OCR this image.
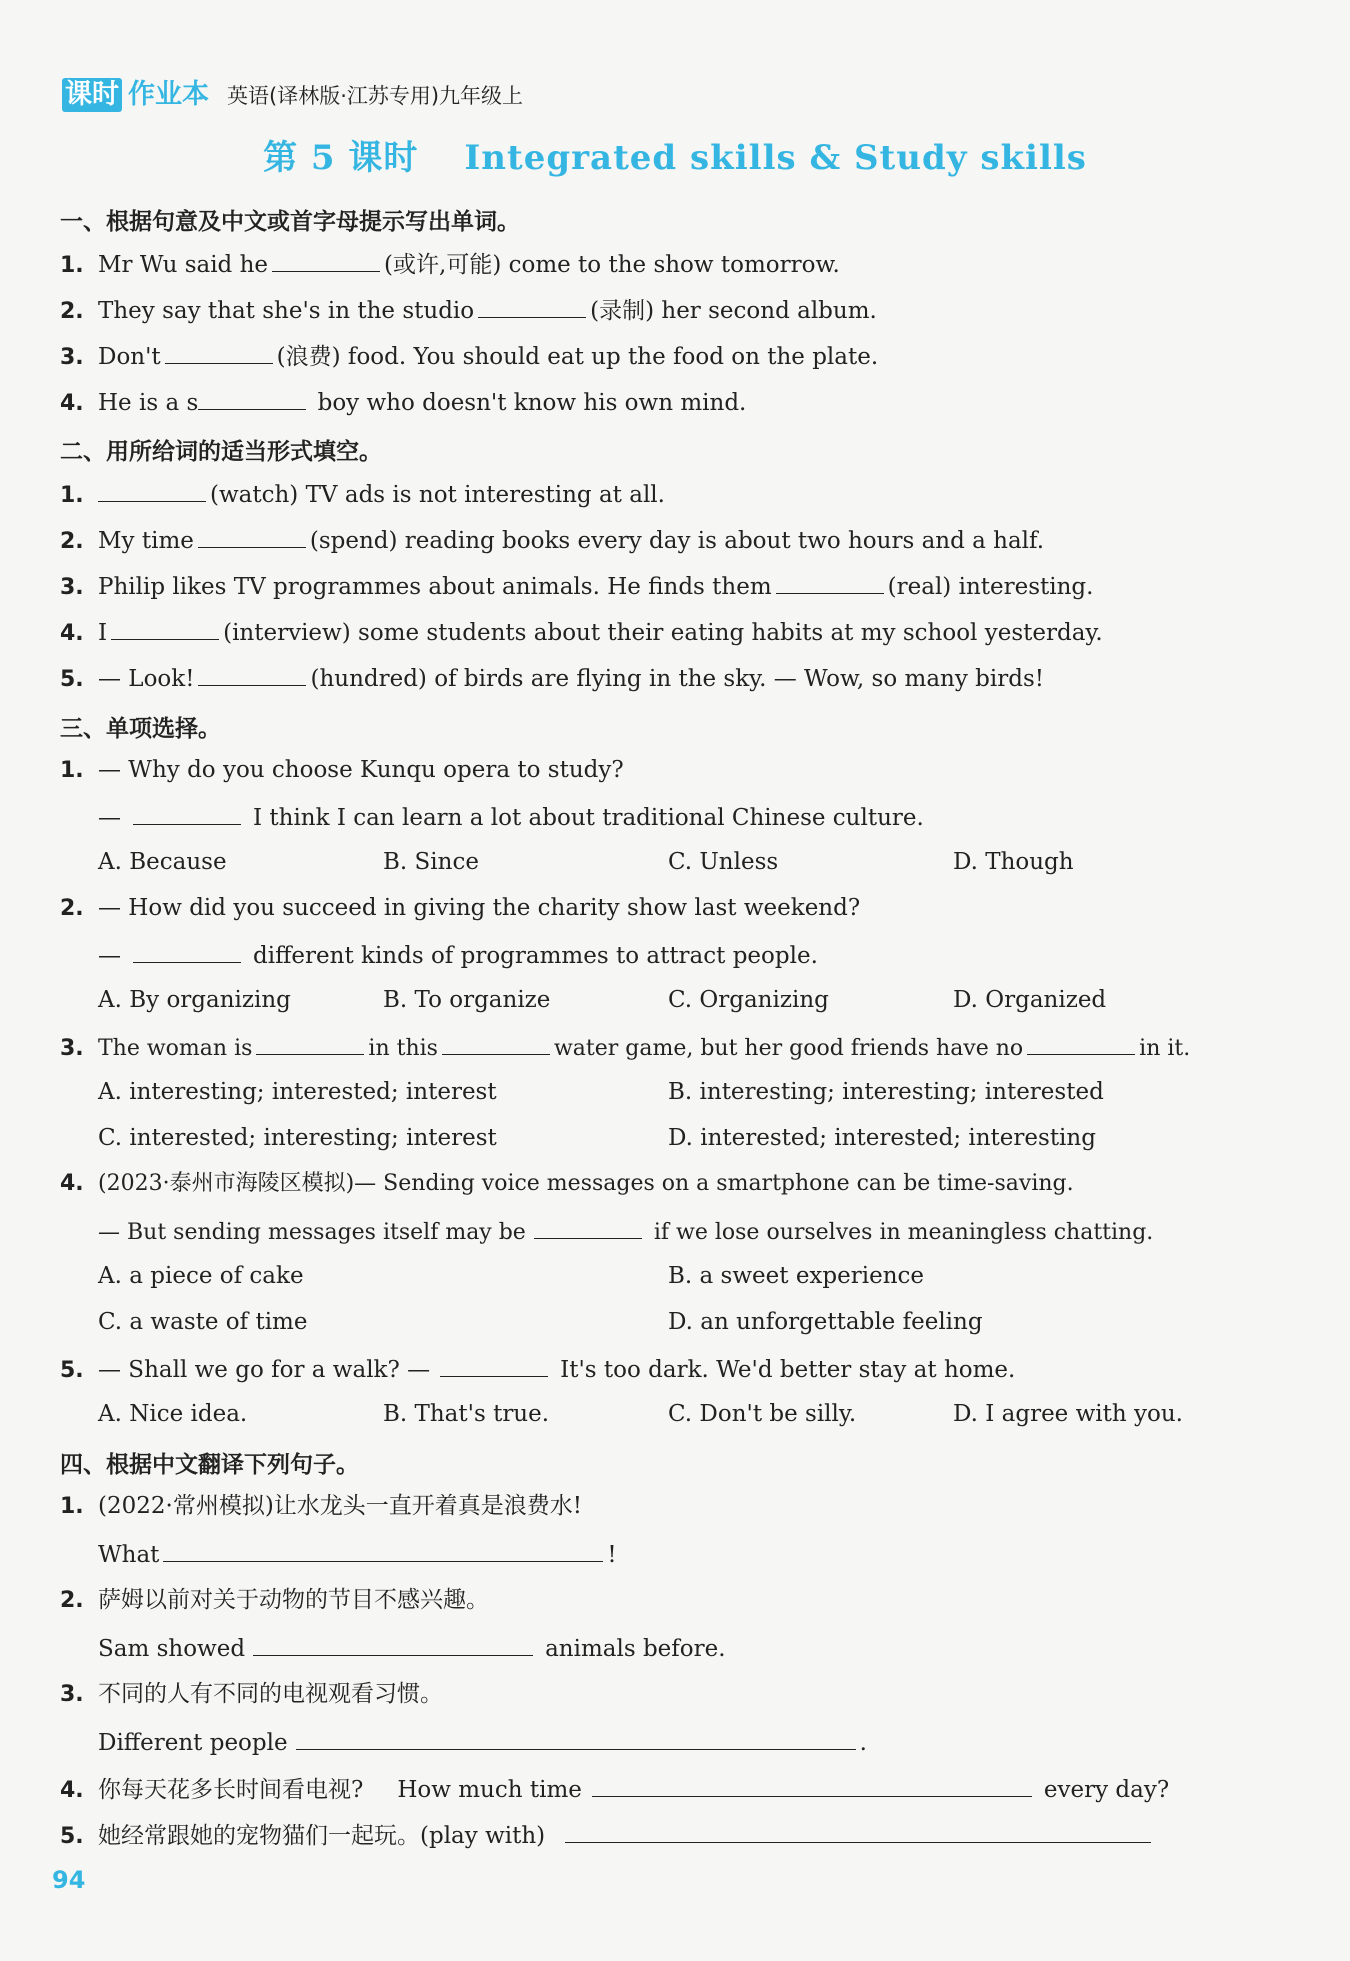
课时 作业本 英语(译林版·江苏专用)九年级上
第 5 课时 Integrated skills & Study skills
一、根据句意及中文或首字母提示写出单词。
1. Mr Wu said he	(或许,可能) come to the show tomorrow.
2. They say that she's in the studio	(录制) her second album.
3. Don't	(浪费) food. You should eat up the food on the plate.
4. He is a s	boy who doesn't know his own mind.
二、用所给词的适当形式填空。
1.	(watch) TV ads is not interesting at all.
2. My time	(spend) reading books every day is about two hours and a half.
3. Philip likes TV programmes about animals. He finds them	(real) interesting.
4. I	(interview) some students about their eating habits at my school yesterday.
5. — Look!	(hundred) of birds are flying in the sky. — Wow, so many birds!
三、单项选择。
1. — Why do you choose Kunqu opera to study?
—	I think I can learn a lot about traditional Chinese culture.
A. Because	B. Since	C. Unless	D. Though
2. — How did you succeed in giving the charity show last weekend?
—	different kinds of programmes to attract people.
A. By organizing	B. To organize	C. Organizing	D. Organized
3. The woman is	in this	water game, but her good friends have no	in it.
A. interesting; interested; interest	B. interesting; interesting; interested
C. interested; interesting; interest	D. interested; interested; interesting
4. (2023·泰州市海陵区模拟)— Sending voice messages on a smartphone can be time-saving.
— But sending messages itself may be	if we lose ourselves in meaningless chatting.
A. a piece of cake	B. a sweet experience
C. a waste of time	D. an unforgettable feeling
5. — Shall we go for a walk? —	It's too dark. We'd better stay at home.
A. Nice idea.	B. That's true.	C. Don't be silly.	D. I agree with you.
四、根据中文翻译下列句子。
1. (2022·常州模拟)让水龙头一直开着真是浪费水!
What	!
2. 萨姆以前对关于动物的节目不感兴趣。
Sam showed	animals before.
3. 不同的人有不同的电视观看习惯。
Different people	.
4. 你每天花多长时间看电视? How much time	every day?
5. 她经常跟她的宠物猫们一起玩。(play with)
94
